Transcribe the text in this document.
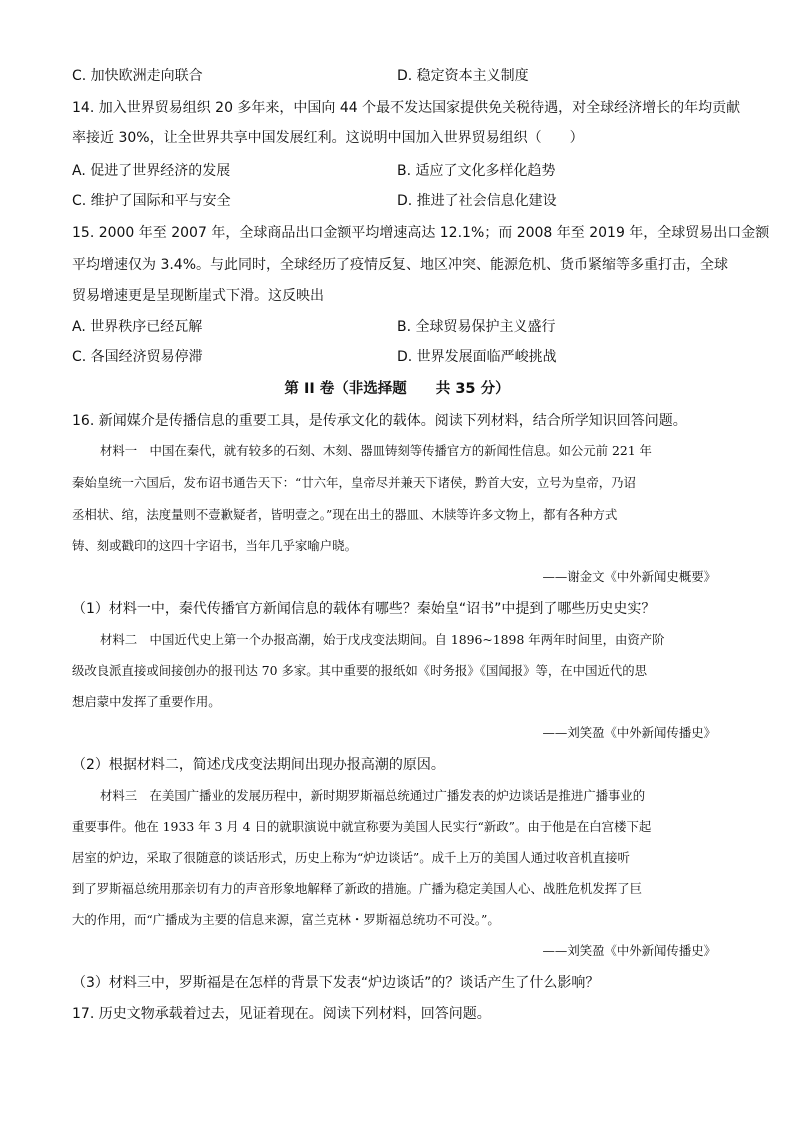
C. 加快欧洲走向联合	D. 稳定资本主义制度
14. 加入世界贸易组织 20 多年来，中国向 44 个最不发达国家提供免关税待遇，对全球经济增长的年均贡献
率接近 30%，让全世界共享中国发展红利。这说明中国加入世界贸易组织（　　）
A. 促进了世界经济的发展	B. 适应了文化多样化趋势
C. 维护了国际和平与安全	D. 推进了社会信息化建设
15. 2000 年至 2007 年，全球商品出口金额平均增速高达 12.1%；而 2008 年至 2019 年，全球贸易出口金额
平均增速仅为 3.4%。与此同时，全球经历了疫情反复、地区冲突、能源危机、货币紧缩等多重打击，全球
贸易增速更是呈现断崖式下滑。这反映出
A. 世界秩序已经瓦解	B. 全球贸易保护主义盛行
C. 各国经济贸易停滞	D. 世界发展面临严峻挑战
第 II 卷（非选择题　　共 35 分）
16. 新闻媒介是传播信息的重要工具，是传承文化的载体。阅读下列材料，结合所学知识回答问题。
材料一　中国在秦代，就有较多的石刻、木刻、器皿铸刻等传播官方的新闻性信息。如公元前 221 年
秦始皇统一六国后，发布诏书通告天下：“廿六年，皇帝尽并兼天下诸侯，黔首大安，立号为皇帝，乃诏
丞相状、绾，法度量则不壹歉疑者，皆明壹之。”现在出土的器皿、木牍等许多文物上，都有各种方式
铸、刻或戳印的这四十字诏书，当年几乎家喻户晓。
——谢金文《中外新闻史概要》
（1）材料一中，秦代传播官方新闻信息的载体有哪些？秦始皇“诏书”中提到了哪些历史史实？
材料二　中国近代史上第一个办报高潮，始于戊戌变法期间。自 1896~1898 年两年时间里，由资产阶
级改良派直接或间接创办的报刊达 70 多家。其中重要的报纸如《时务报》《国闻报》等，在中国近代的思
想启蒙中发挥了重要作用。
——刘笑盈《中外新闻传播史》
（2）根据材料二，简述戊戌变法期间出现办报高潮的原因。
材料三　在美国广播业的发展历程中，新时期罗斯福总统通过广播发表的炉边谈话是推进广播事业的
重要事件。他在 1933 年 3 月 4 日的就职演说中就宣称要为美国人民实行“新政”。由于他是在白宫楼下起
居室的炉边，采取了很随意的谈话形式，历史上称为“炉边谈话”。成千上万的美国人通过收音机直接听
到了罗斯福总统用那亲切有力的声音形象地解释了新政的措施。广播为稳定美国人心、战胜危机发挥了巨
大的作用，而“广播成为主要的信息来源，富兰克林・罗斯福总统功不可没。”。
——刘笑盈《中外新闻传播史》
（3）材料三中，罗斯福是在怎样的背景下发表“炉边谈话”的？谈话产生了什么影响？
17. 历史文物承载着过去，见证着现在。阅读下列材料，回答问题。
